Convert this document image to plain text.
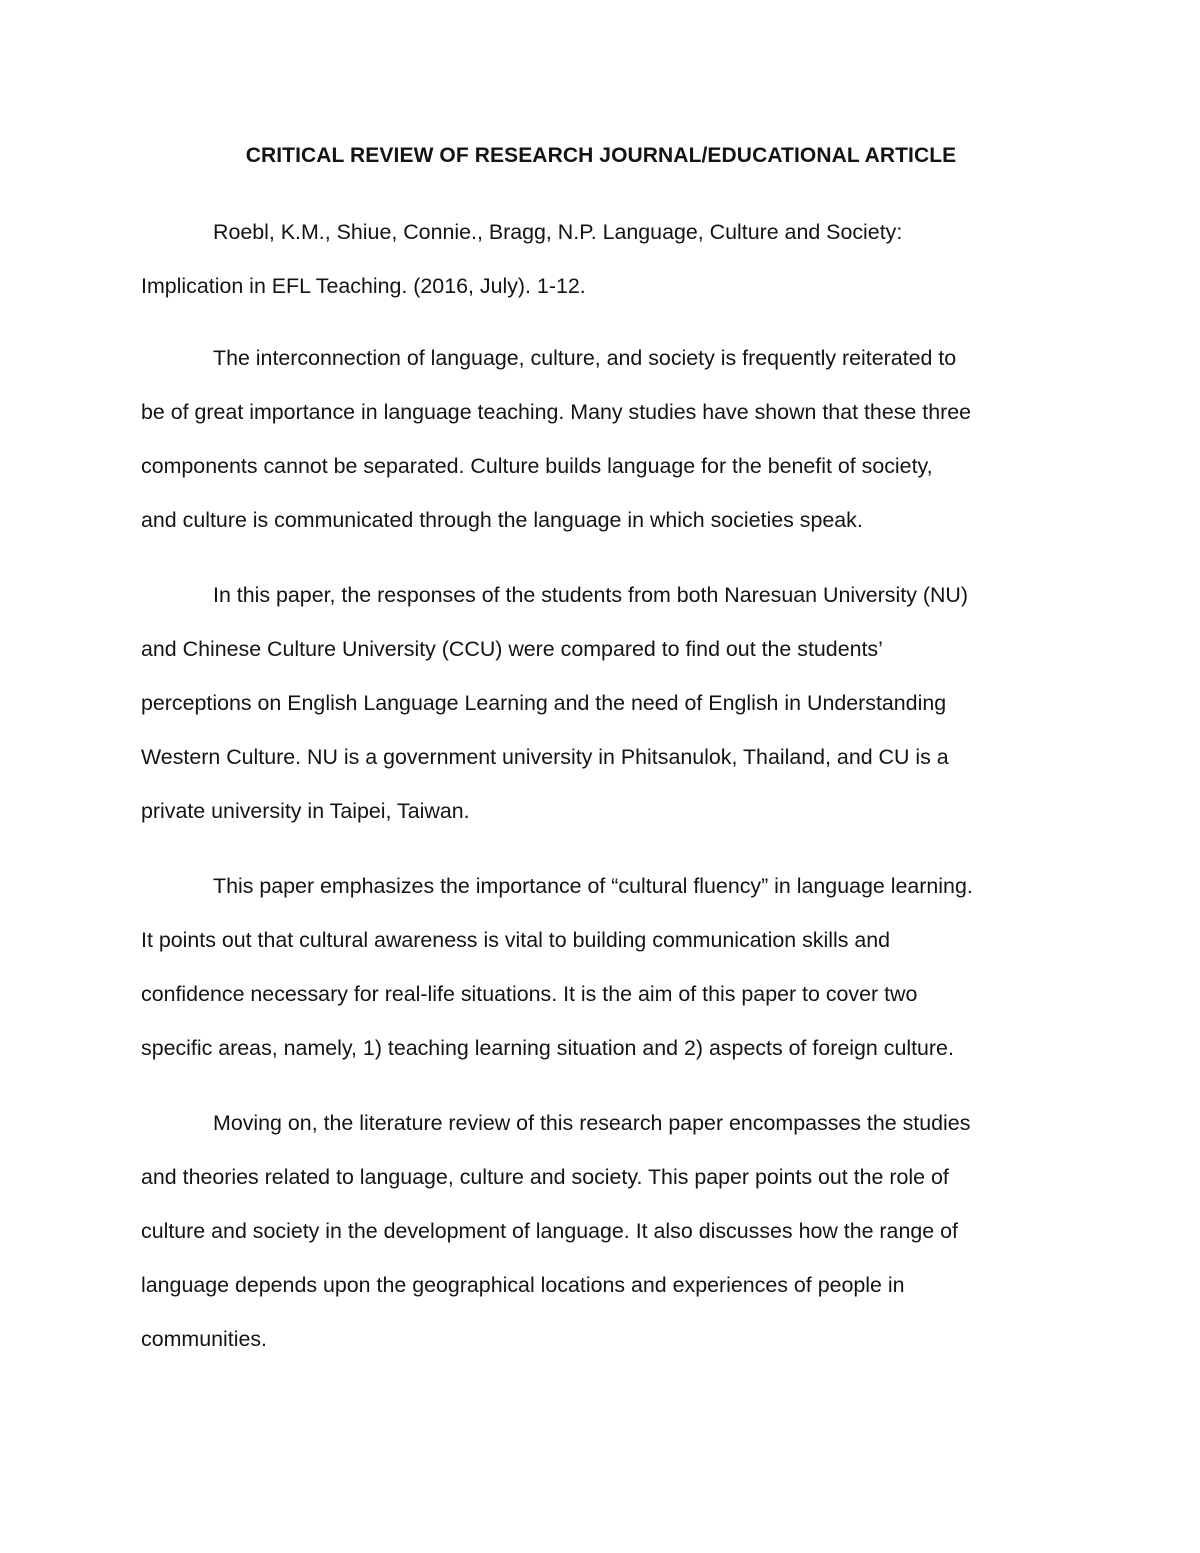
CRITICAL REVIEW OF RESEARCH JOURNAL/EDUCATIONAL ARTICLE

Roebl, K.M., Shiue, Connie., Bragg, N.P. Language, Culture and Society:
Implication in EFL Teaching. (2016, July). 1-12.

The interconnection of language, culture, and society is frequently reiterated to
be of great importance in language teaching. Many studies have shown that these three
components cannot be separated. Culture builds language for the benefit of society,
and culture is communicated through the language in which societies speak.

In this paper, the responses of the students from both Naresuan University (NU)
and Chinese Culture University (CCU) were compared to find out the students’
perceptions on English Language Learning and the need of English in Understanding
Western Culture. NU is a government university in Phitsanulok, Thailand, and CU is a
private university in Taipei, Taiwan.

This paper emphasizes the importance of “cultural fluency” in language learning.
It points out that cultural awareness is vital to building communication skills and
confidence necessary for real-life situations. It is the aim of this paper to cover two
specific areas, namely, 1) teaching learning situation and 2) aspects of foreign culture.

Moving on, the literature review of this research paper encompasses the studies
and theories related to language, culture and society. This paper points out the role of
culture and society in the development of language. It also discusses how the range of
language depends upon the geographical locations and experiences of people in
communities.
